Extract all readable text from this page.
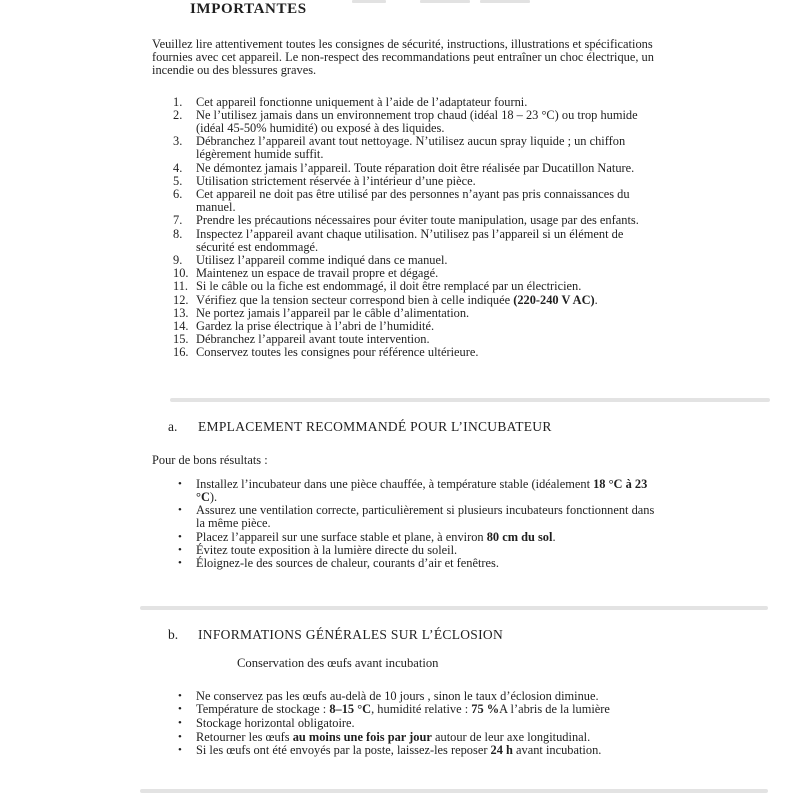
IMPORTANTES

Veuillez lire attentivement toutes les consignes de sécurité, instructions, illustrations et spécifications fournies avec cet appareil. Le non-respect des recommandations peut entraîner un choc électrique, un incendie ou des blessures graves.

1.	Cet appareil fonctionne uniquement à l’aide de l’adaptateur fourni.
2.	Ne l’utilisez jamais dans un environnement trop chaud (idéal 18 – 23 °C) ou trop humide (idéal 45-50% humidité) ou exposé à des liquides.
3.	Débranchez l’appareil avant tout nettoyage. N’utilisez aucun spray liquide ; un chiffon légèrement humide suffit.
4.	Ne démontez jamais l’appareil. Toute réparation doit être réalisée par Ducatillon Nature.
5.	Utilisation strictement réservée à l’intérieur d’une pièce.
6.	Cet appareil ne doit pas être utilisé par des personnes n’ayant pas pris connaissances du manuel.
7.	Prendre les précautions nécessaires pour éviter toute manipulation, usage par des enfants.
8.	Inspectez l’appareil avant chaque utilisation. N’utilisez pas l’appareil si un élément de sécurité est endommagé.
9.	Utilisez l’appareil comme indiqué dans ce manuel.
10. Maintenez un espace de travail propre et dégagé.
11. Si le câble ou la fiche est endommagé, il doit être remplacé par un électricien.
12. Vérifiez que la tension secteur correspond bien à celle indiquée (220-240 V AC).
13. Ne portez jamais l’appareil par le câble d’alimentation.
14. Gardez la prise électrique à l’abri de l’humidité.
15. Débranchez l’appareil avant toute intervention.
16. Conservez toutes les consignes pour référence ultérieure.
a.	EMPLACEMENT RECOMMANDÉ POUR L’INCUBATEUR

Pour de bons résultats :

•	Installez l’incubateur dans une pièce chauffée, à température stable (idéalement 18 °C à 23 °C).
•	Assurez une ventilation correcte, particulièrement si plusieurs incubateurs fonctionnent dans la même pièce.
•	Placez l’appareil sur une surface stable et plane, à environ 80 cm du sol.
•	Évitez toute exposition à la lumière directe du soleil.
•	Éloignez-le des sources de chaleur, courants d’air et fenêtres.
b.	INFORMATIONS GÉNÉRALES SUR L’ÉCLOSION
Conservation des œufs avant incubation
•	Ne conservez pas les œufs au-delà de 10 jours , sinon le taux d’éclosion diminue.
•	Température de stockage : 8–15 °C, humidité relative : 75 %A l’abris de la lumière
•	Stockage horizontal obligatoire.
•	Retourner les œufs au moins une fois par jour autour de leur axe longitudinal.
•	Si les œufs ont été envoyés par la poste, laissez-les reposer 24 h avant incubation.
